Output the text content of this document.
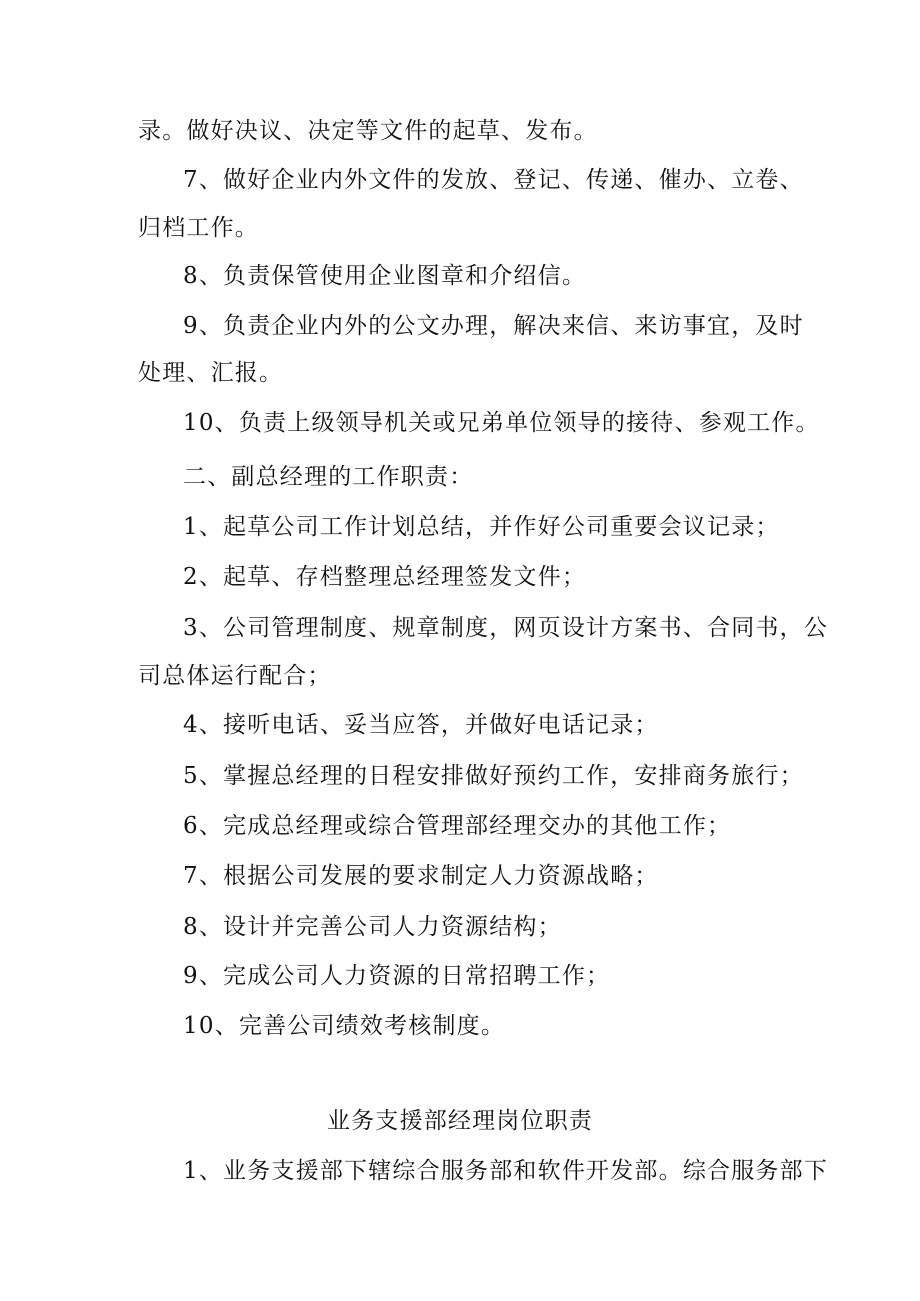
录。做好决议、决定等文件的起草、发布。
7、做好企业内外文件的发放、登记、传递、催办、立卷、
归档工作。
8、负责保管使用企业图章和介绍信。
9、负责企业内外的公文办理，解决来信、来访事宜，及时
处理、汇报。
10、负责上级领导机关或兄弟单位领导的接待、参观工作。
二、副总经理的工作职责：
1、起草公司工作计划总结，并作好公司重要会议记录；
2、起草、存档整理总经理签发文件；
3、公司管理制度、规章制度，网页设计方案书、合同书，公
司总体运行配合；
4、接听电话、妥当应答，并做好电话记录；
5、掌握总经理的日程安排做好预约工作，安排商务旅行；
6、完成总经理或综合管理部经理交办的其他工作；
7、根据公司发展的要求制定人力资源战略；
8、设计并完善公司人力资源结构；
9、完成公司人力资源的日常招聘工作；
10、完善公司绩效考核制度。
业务支援部经理岗位职责
1、业务支援部下辖综合服务部和软件开发部。综合服务部下
